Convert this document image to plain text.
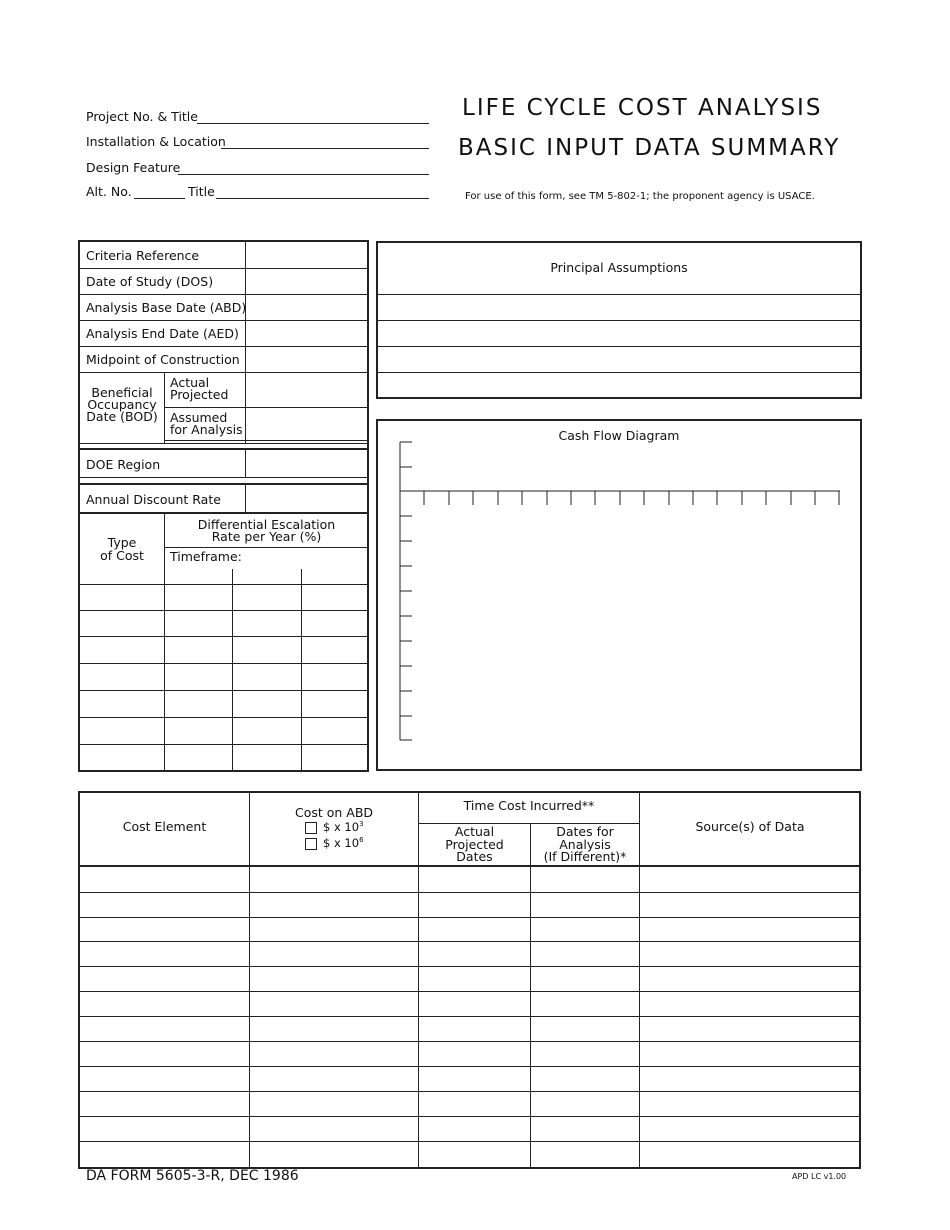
Project No. & Title
Installation & Location
Design Feature
Alt. No.	Title
LIFE CYCLE COST ANALYSIS
BASIC INPUT DATA SUMMARY
For use of this form, see TM 5-802-1; the proponent agency is USACE.
Criteria Reference
Date of Study (DOS)
Analysis Base Date (ABD)
Analysis End Date (AED)
Midpoint of Construction
Beneficial
Occupancy
Date (BOD)
Actual
Projected
Assumed
for Analysis
DOE Region
Annual Discount Rate
Type
of Cost
Differential Escalation
Rate per Year (%)
Timeframe:
Principal Assumptions
Cash Flow Diagram
Cost Element
Cost on ABD
$ x $10^3$
$ x $10^6$
Time Cost Incurred**
Actual
Projected
Dates
Dates for
Analysis
(If Different)*
Source(s) of Data
DA FORM 5605-3-R, DEC 1986	APD LC v1.00
